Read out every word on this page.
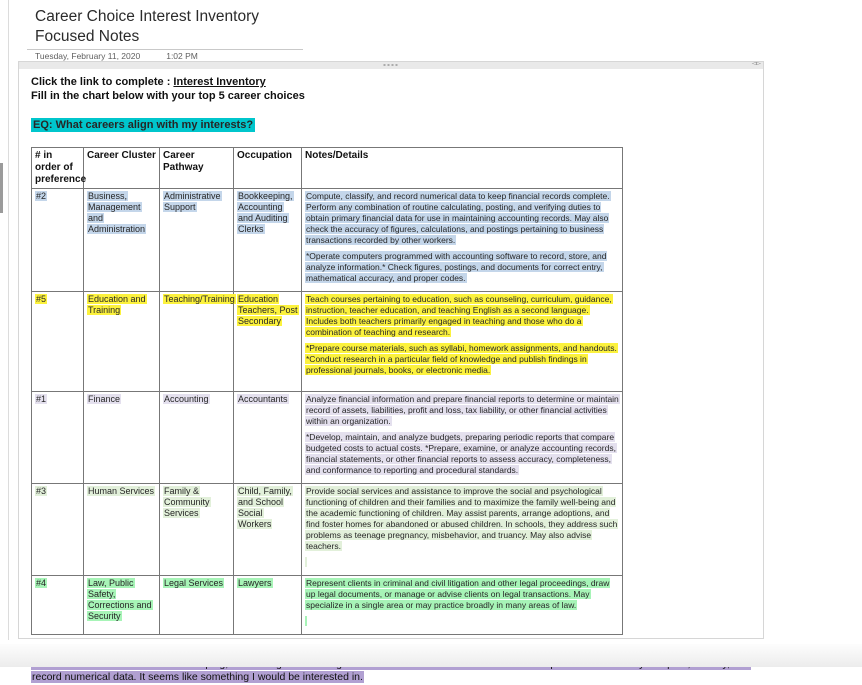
Career Choice Interest Inventory
Focused Notes
Tuesday, February 11, 2020	1:02 PM
◅▻
Click the link to complete : Interest Inventory
Fill in the chart below with your top 5 career choices
EQ: What careers align with my interests?
# in order of preference	Career Cluster	Career Pathway	Occupation	Notes/Details
#2	Business, Management and Administration	Administrative Support	Bookkeeping, Accounting and Auditing Clerks	Compute, classify, and record numerical data to keep financial records complete. Perform any combination of routine calculating, posting, and verifying duties to obtain primary financial data for use in maintaining accounting records. May also check the accuracy of figures, calculations, and postings pertaining to business transactions recorded by other workers.
*Operate computers programmed with accounting software to record, store, and analyze information.* Check figures, postings, and documents for correct entry, mathematical accuracy, and proper codes.

#5	Education and Training	Teaching/Training	Education Teachers, Post Secondary	Teach courses pertaining to education, such as counseling, curriculum, guidance, instruction, teacher education, and teaching English as a second language. Includes both teachers primarily engaged in teaching and those who do a combination of teaching and research.
*Prepare course materials, such as syllabi, homework assignments, and handouts. *Conduct research in a particular field of knowledge and publish findings in professional journals, books, or electronic media.

#1	Finance	Accounting	Accountants	Analyze financial information and prepare financial reports to determine or maintain record of assets, liabilities, profit and loss, tax liability, or other financial activities within an organization.
*Develop, maintain, and analyze budgets, preparing periodic reports that compare budgeted costs to actual costs. *Prepare, examine, or analyze accounting records, financial statements, or other financial reports to assess accuracy, completeness, and conformance to reporting and procedural standards.

#3	Human Services	Family & Community Services	Child, Family, and School Social Workers	Provide social services and assistance to improve the social and psychological functioning of children and their families and to maximize the family well-being and the academic functioning of children. May assist parents, arrange adoptions, and find foster homes for abandoned or abused children. In schools, they address such problems as teenage pregnancy, misbehavior, and truancy. May also advise teachers.

#4	Law, Public Safety, Corrections and Security	Legal Services	Lawyers	Represent clients in criminal and civil litigation and other legal proceedings, draw up legal documents, or manage or advise clients on legal transactions. May specialize in a single area or may practice broadly in many areas of law.
record numerical data. It seems like something I would be interested in.
